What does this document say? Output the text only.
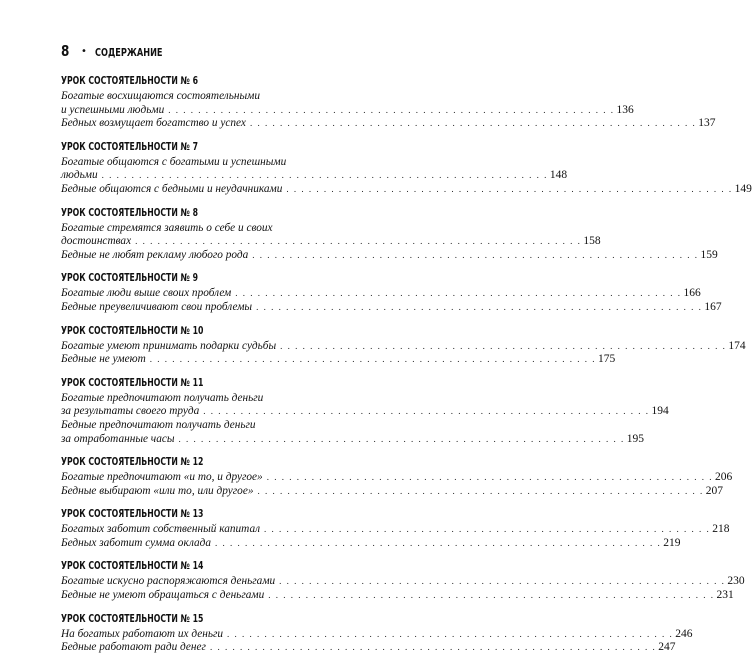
8 • СОДЕРЖАНИЕ
УРОК СОСТОЯТЕЛЬНОСТИ № 6
Богатые восхищаются состоятельными
и успешными людьми . . . . . . . . . . . . . . . . . . . . . . . . . . . . . . . . . . . . . . . . . . . . . . . . . . . . . . . . . . . . 136
Бедных возмущает богатство и успех . . . . . . . . . . . . . . . . . . . . . . . . . . . . . . . . . . . . . . . . . . . . . . . . . . . . . . . . . . . . 137
УРОК СОСТОЯТЕЛЬНОСТИ № 7
Богатые общаются с богатыми и успешными
людьми . . . . . . . . . . . . . . . . . . . . . . . . . . . . . . . . . . . . . . . . . . . . . . . . . . . . . . . . . . . . 148
Бедные общаются с бедными и неудачниками . . . . . . . . . . . . . . . . . . . . . . . . . . . . . . . . . . . . . . . . . . . . . . . . . . . . . . . . . . . . 149
УРОК СОСТОЯТЕЛЬНОСТИ № 8
Богатые стремятся заявить о себе и своих
достоинствах . . . . . . . . . . . . . . . . . . . . . . . . . . . . . . . . . . . . . . . . . . . . . . . . . . . . . . . . . . . . 158
Бедные не любят рекламу любого рода . . . . . . . . . . . . . . . . . . . . . . . . . . . . . . . . . . . . . . . . . . . . . . . . . . . . . . . . . . . . 159
УРОК СОСТОЯТЕЛЬНОСТИ № 9
Богатые люди выше своих проблем . . . . . . . . . . . . . . . . . . . . . . . . . . . . . . . . . . . . . . . . . . . . . . . . . . . . . . . . . . . . 166
Бедные преувеличивают свои проблемы . . . . . . . . . . . . . . . . . . . . . . . . . . . . . . . . . . . . . . . . . . . . . . . . . . . . . . . . . . . . 167
УРОК СОСТОЯТЕЛЬНОСТИ № 10
Богатые умеют принимать подарки судьбы . . . . . . . . . . . . . . . . . . . . . . . . . . . . . . . . . . . . . . . . . . . . . . . . . . . . . . . . . . . . 174
Бедные не умеют . . . . . . . . . . . . . . . . . . . . . . . . . . . . . . . . . . . . . . . . . . . . . . . . . . . . . . . . . . . . 175
УРОК СОСТОЯТЕЛЬНОСТИ № 11
Богатые предпочитают получать деньги
за результаты своего труда . . . . . . . . . . . . . . . . . . . . . . . . . . . . . . . . . . . . . . . . . . . . . . . . . . . . . . . . . . . . 194
Бедные предпочитают получать деньги
за отработанные часы . . . . . . . . . . . . . . . . . . . . . . . . . . . . . . . . . . . . . . . . . . . . . . . . . . . . . . . . . . . . 195
УРОК СОСТОЯТЕЛЬНОСТИ № 12
Богатые предпочитают «и то, и другое» . . . . . . . . . . . . . . . . . . . . . . . . . . . . . . . . . . . . . . . . . . . . . . . . . . . . . . . . . . . . 206
Бедные выбирают «или то, или другое» . . . . . . . . . . . . . . . . . . . . . . . . . . . . . . . . . . . . . . . . . . . . . . . . . . . . . . . . . . . . 207
УРОК СОСТОЯТЕЛЬНОСТИ № 13
Богатых заботит собственный капитал . . . . . . . . . . . . . . . . . . . . . . . . . . . . . . . . . . . . . . . . . . . . . . . . . . . . . . . . . . . . 218
Бедных заботит сумма оклада . . . . . . . . . . . . . . . . . . . . . . . . . . . . . . . . . . . . . . . . . . . . . . . . . . . . . . . . . . . . 219
УРОК СОСТОЯТЕЛЬНОСТИ № 14
Богатые искусно распоряжаются деньгами . . . . . . . . . . . . . . . . . . . . . . . . . . . . . . . . . . . . . . . . . . . . . . . . . . . . . . . . . . . . 230
Бедные не умеют обращаться с деньгами . . . . . . . . . . . . . . . . . . . . . . . . . . . . . . . . . . . . . . . . . . . . . . . . . . . . . . . . . . . . 231
УРОК СОСТОЯТЕЛЬНОСТИ № 15
На богатых работают их деньги . . . . . . . . . . . . . . . . . . . . . . . . . . . . . . . . . . . . . . . . . . . . . . . . . . . . . . . . . . . . 246
Бедные работают ради денег . . . . . . . . . . . . . . . . . . . . . . . . . . . . . . . . . . . . . . . . . . . . . . . . . . . . . . . . . . . . 247
